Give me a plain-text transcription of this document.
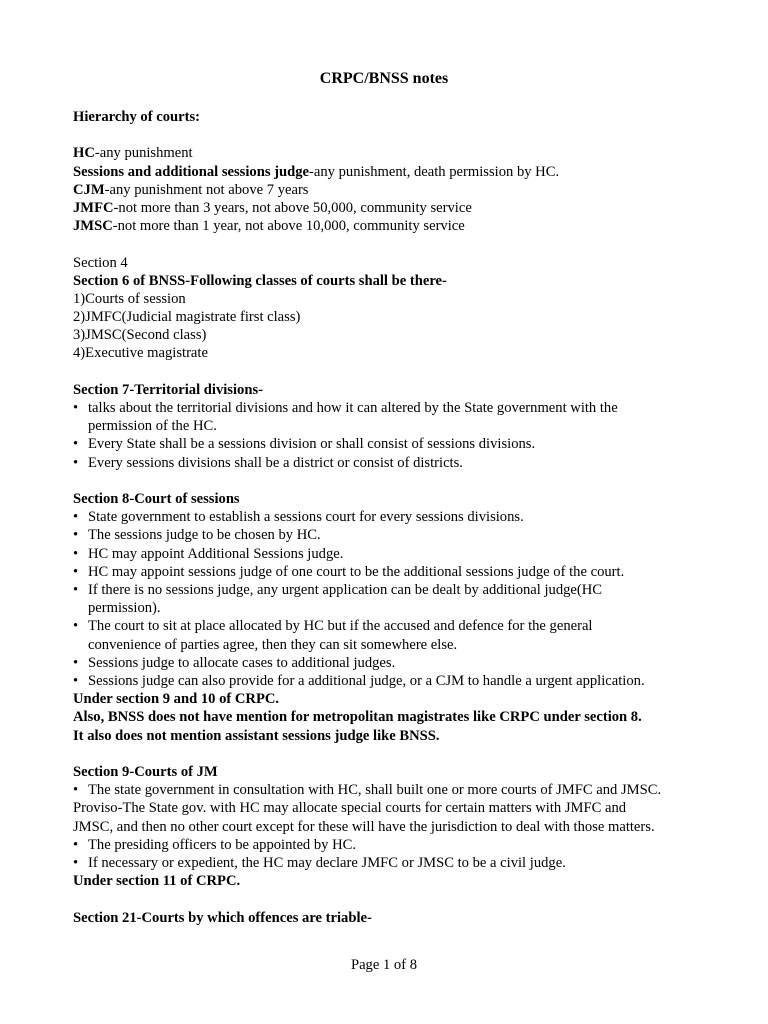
CRPC/BNSS notes
Hierarchy of courts:
HC-any punishment
Sessions and additional sessions judge-any punishment, death permission by HC.
CJM-any punishment not above 7 years
JMFC-not more than 3 years, not above 50,000, community service
JMSC-not more than 1 year, not above 10,000, community service
Section 4
Section 6 of BNSS-Following classes of courts shall be there-
1)Courts of session
2)JMFC(Judicial magistrate first class)
3)JMSC(Second class)
4)Executive magistrate
Section 7-Territorial divisions-
• talks about the territorial divisions and how it can altered by the State government with the
permission of the HC.
• Every State shall be a sessions division or shall consist of sessions divisions.
• Every sessions divisions shall be a district or consist of districts.
Section 8-Court of sessions
• State government to establish a sessions court for every sessions divisions.
• The sessions judge to be chosen by HC.
• HC may appoint Additional Sessions judge.
• HC may appoint sessions judge of one court to be the additional sessions judge of the court.
• If there is no sessions judge, any urgent application can be dealt by additional judge(HC
permission).
• The court to sit at place allocated by HC but if the accused and defence for the general
convenience of parties agree, then they can sit somewhere else.
• Sessions judge to allocate cases to additional judges.
• Sessions judge can also provide for a additional judge, or a CJM to handle a urgent application.
Under section 9 and 10 of CRPC.
Also, BNSS does not have mention for metropolitan magistrates like CRPC under section 8.
It also does not mention assistant sessions judge like BNSS.
Section 9-Courts of JM
• The state government in consultation with HC, shall built one or more courts of JMFC and JMSC.
Proviso-The State gov. with HC may allocate special courts for certain matters with JMFC and
JMSC, and then no other court except for these will have the jurisdiction to deal with those matters.
• The presiding officers to be appointed by HC.
• If necessary or expedient, the HC may declare JMFC or JMSC to be a civil judge.
Under section 11 of CRPC.
Section 21-Courts by which offences are triable-
Page 1 of 8
